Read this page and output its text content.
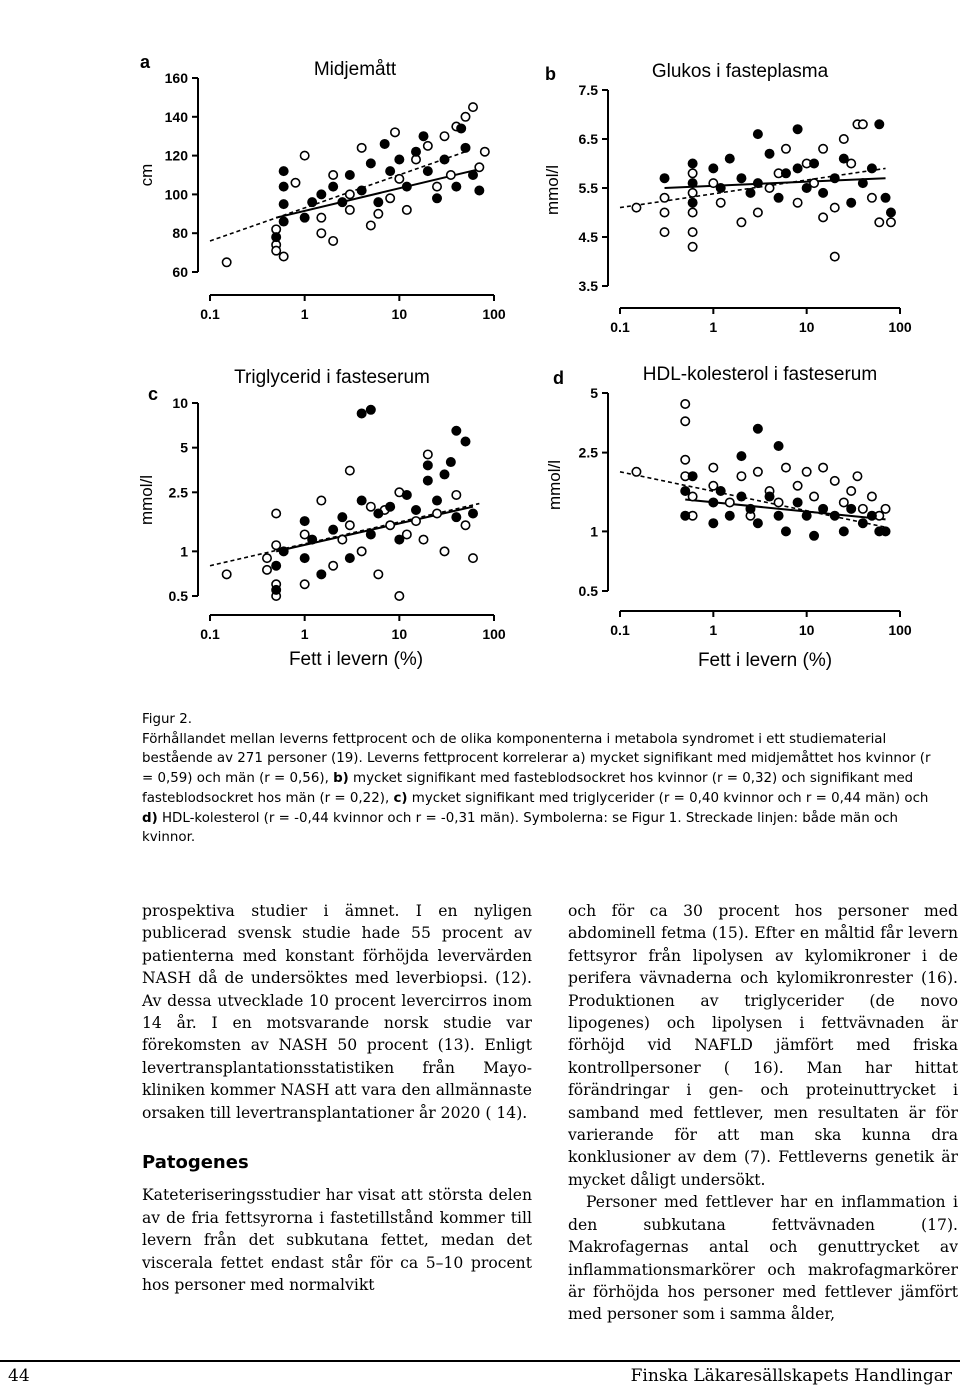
60
80
100
120
140
160
0.1	1	10	100
a	Midjemått
cm
3.5
4.5
5.5
6.5
7.5
0.1	1	10	100
b	Glukos i fasteplasma
mmol/l
0.5
1
2.5
5
10
0.1	1	10	100
c
Triglycerid i fasteserum
mmol/l
Fett i levern (%)
0.5
1
2.5
5
0.1	1	10	100
d	HDL-kolesterol i fasteserum
mmol/l
Fett i levern (%)

Figur 2.

Förhållandet mellan leverns fettprocent och de olika komponenterna i metabola syndromet i ett studiematerial bestående av 271 personer (19). Leverns fettprocent korrelerar a) mycket signifikant med midjemåttet hos kvinnor (r = 0,59) och män (r = 0,56), b) mycket signifikant med fasteblodsockret hos kvinnor (r = 0,32) och signifikant med fasteblodsockret hos män (r = 0,22), c) mycket signifikant med triglycerider (r = 0,40 kvinnor och r = 0,44 män) och d) HDL-kolesterol (r = -0,44 kvinnor och r = -0,31 män). Symbolerna: se Figur 1. Streckade linjen: både män och kvinnor.

prospektiva studier i ämnet. I en nyligen publicerad svensk studie hade 55 procent av patienterna med konstant förhöjda levervärden NASH då de undersöktes med leverbiopsi. (12). Av dessa utvecklade 10 procent levercirros inom 14 år. I en motsvarande norsk studie var förekomsten av NASH 50 procent (13). Enligt levertransplantationsstatistiken från Mayo-kliniken kommer NASH att vara den allmännaste orsaken till levertransplantationer år 2020 ( 14).

Patogenes

Kateteriseringsstudier har visat att största delen av de fria fettsyrorna i fastetillstånd kommer till levern från det subkutana fettet, medan det viscerala fettet endast står för ca 5–10 procent hos personer med normalvikt

och för ca 30 procent hos personer med abdominell fetma (15). Efter en måltid får levern fettsyror från lipolysen av kylomikroner i de perifera vävnaderna och kylomikronrester (16). Produktionen av triglycerider (de novo lipogenes) och lipolysen i fettvävnaden är förhöjd vid NAFLD jämfört med friska kontrollpersoner ( 16). Man har hittat förändringar i gen- och proteinuttrycket i samband med fettlever, men resultaten är för varierande för att man ska kunna dra konklusioner av dem (7). Fettleverns genetik är mycket dåligt undersökt.

Personer med fettlever har en inflammation i den subkutana fettvävnaden (17). Makrofagernas antal och genuttrycket av inflammationsmarkörer och makrofagmarkörer är förhöjda hos personer med fettlever jämfört med personer som i samma ålder,

44	Finska Läkaresällskapets Handlingar
